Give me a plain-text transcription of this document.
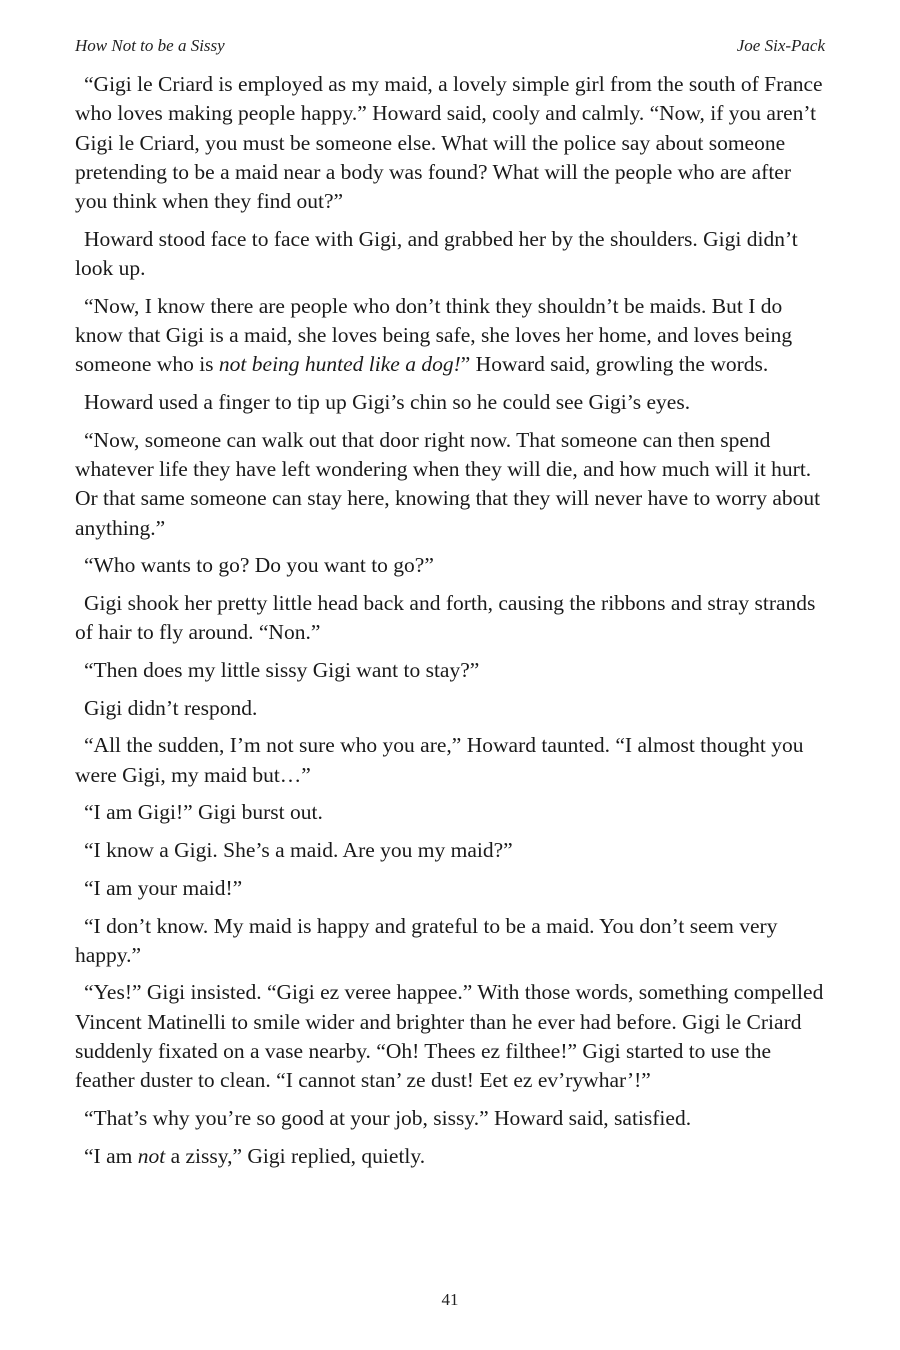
How Not to be a Sissy	Joe Six-Pack

“Gigi le Criard is employed as my maid, a lovely simple girl from the south of France who loves making people happy.” Howard said, cooly and calmly. “Now, if you aren’t Gigi le Criard, you must be someone else. What will the police say about someone pretending to be a maid near a body was found? What will the people who are after you think when they find out?”

Howard stood face to face with Gigi, and grabbed her by the shoulders. Gigi didn’t look up.

“Now, I know there are people who don’t think they shouldn’t be maids. But I do know that Gigi is a maid, she loves being safe, she loves her home, and loves being someone who is not being hunted like a dog!” Howard said, growling the words.

Howard used a finger to tip up Gigi’s chin so he could see Gigi’s eyes.

“Now, someone can walk out that door right now. That someone can then spend whatever life they have left wondering when they will die, and how much will it hurt. Or that same someone can stay here, knowing that they will never have to worry about anything.”

“Who wants to go? Do you want to go?”

Gigi shook her pretty little head back and forth, causing the ribbons and stray strands of hair to fly around. “Non.”

“Then does my little sissy Gigi want to stay?”

Gigi didn’t respond.

“All the sudden, I’m not sure who you are,” Howard taunted. “I almost thought you were Gigi, my maid but…”

“I am Gigi!” Gigi burst out.

“I know a Gigi. She’s a maid. Are you my maid?”

“I am your maid!”

“I don’t know. My maid is happy and grateful to be a maid. You don’t seem very happy.”

“Yes!” Gigi insisted. “Gigi ez veree happee.” With those words, something compelled Vincent Matinelli to smile wider and brighter than he ever had before. Gigi le Criard suddenly fixated on a vase nearby. “Oh! Thees ez filthee!” Gigi started to use the feather duster to clean. “I cannot stan’ ze dust! Eet ez ev’rywhar’!”

“That’s why you’re so good at your job, sissy.” Howard said, satisfied.

“I am not a zissy,” Gigi replied, quietly.

41
